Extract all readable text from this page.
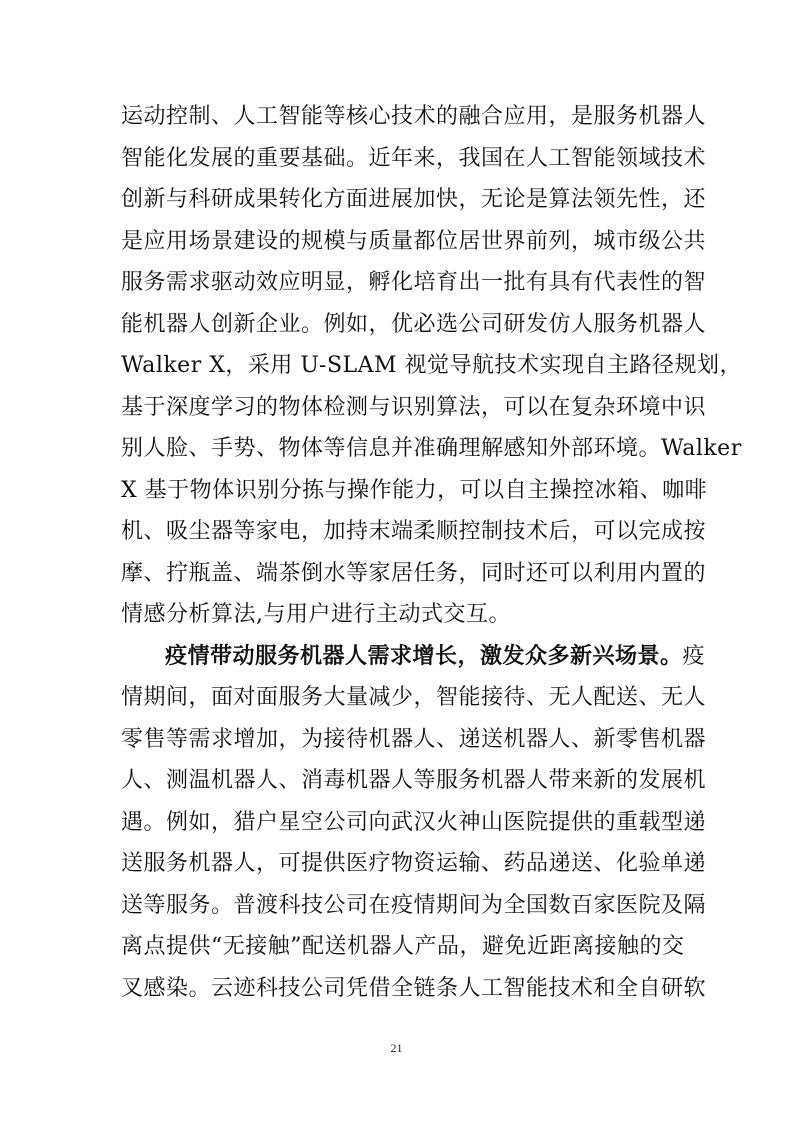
运动控制、人工智能等核心技术的融合应用，是服务机器人
智能化发展的重要基础。近年来，我国在人工智能领域技术
创新与科研成果转化方面进展加快，无论是算法领先性，还
是应用场景建设的规模与质量都位居世界前列，城市级公共
服务需求驱动效应明显，孵化培育出一批有具有代表性的智
能机器人创新企业。例如，优必选公司研发仿人服务机器人
Walker X，采用 U-SLAM 视觉导航技术实现自主路径规划，
基于深度学习的物体检测与识别算法，可以在复杂环境中识
别人脸、手势、物体等信息并准确理解感知外部环境。Walker
X 基于物体识别分拣与操作能力，可以自主操控冰箱、咖啡
机、吸尘器等家电，加持末端柔顺控制技术后，可以完成按
摩、拧瓶盖、端茶倒水等家居任务，同时还可以利用内置的
情感分析算法,与用户进行主动式交互。
疫情带动服务机器人需求增长，激发众多新兴场景。疫
情期间，面对面服务大量减少，智能接待、无人配送、无人
零售等需求增加，为接待机器人、递送机器人、新零售机器
人、测温机器人、消毒机器人等服务机器人带来新的发展机
遇。例如，猎户星空公司向武汉火神山医院提供的重载型递
送服务机器人，可提供医疗物资运输、药品递送、化验单递
送等服务。普渡科技公司在疫情期间为全国数百家医院及隔
离点提供“无接触”配送机器人产品，避免近距离接触的交
叉感染。云迹科技公司凭借全链条人工智能技术和全自研软
21
